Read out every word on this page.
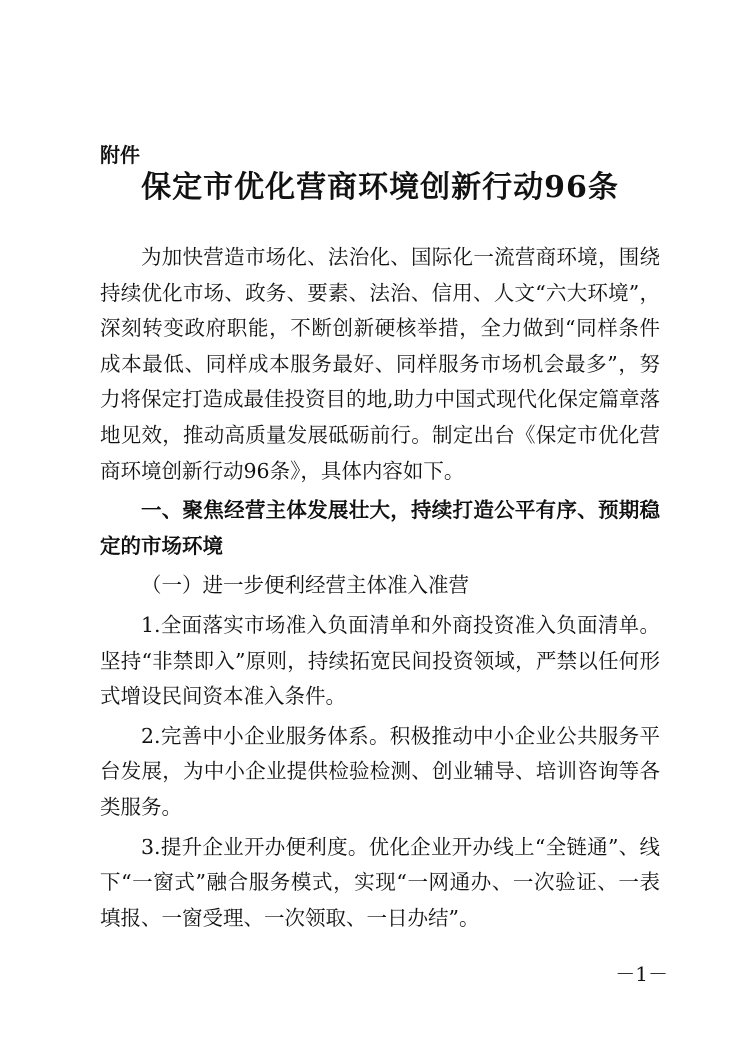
附件
保定市优化营商环境创新行动96条

为加快营造市场化、法治化、国际化一流营商环境，围绕持续优化市场、政务、要素、法治、信用、人文“六大环境”，深刻转变政府职能，不断创新硬核举措，全力做到“同样条件成本最低、同样成本服务最好、同样服务市场机会最多”，努力将保定打造成最佳投资目的地,助力中国式现代化保定篇章落地见效，推动高质量发展砥砺前行。制定出台《保定市优化营商环境创新行动96条》，具体内容如下。

一、聚焦经营主体发展壮大，持续打造公平有序、预期稳定的市场环境

（一）进一步便利经营主体准入准营

1.全面落实市场准入负面清单和外商投资准入负面清单。坚持“非禁即入”原则，持续拓宽民间投资领域，严禁以任何形式增设民间资本准入条件。

2.完善中小企业服务体系。积极推动中小企业公共服务平台发展，为中小企业提供检验检测、创业辅导、培训咨询等各类服务。

3.提升企业开办便利度。优化企业开办线上“全链通”、线下“一窗式”融合服务模式，实现“一网通办、一次验证、一表填报、一窗受理、一次领取、一日办结”。

－1－
